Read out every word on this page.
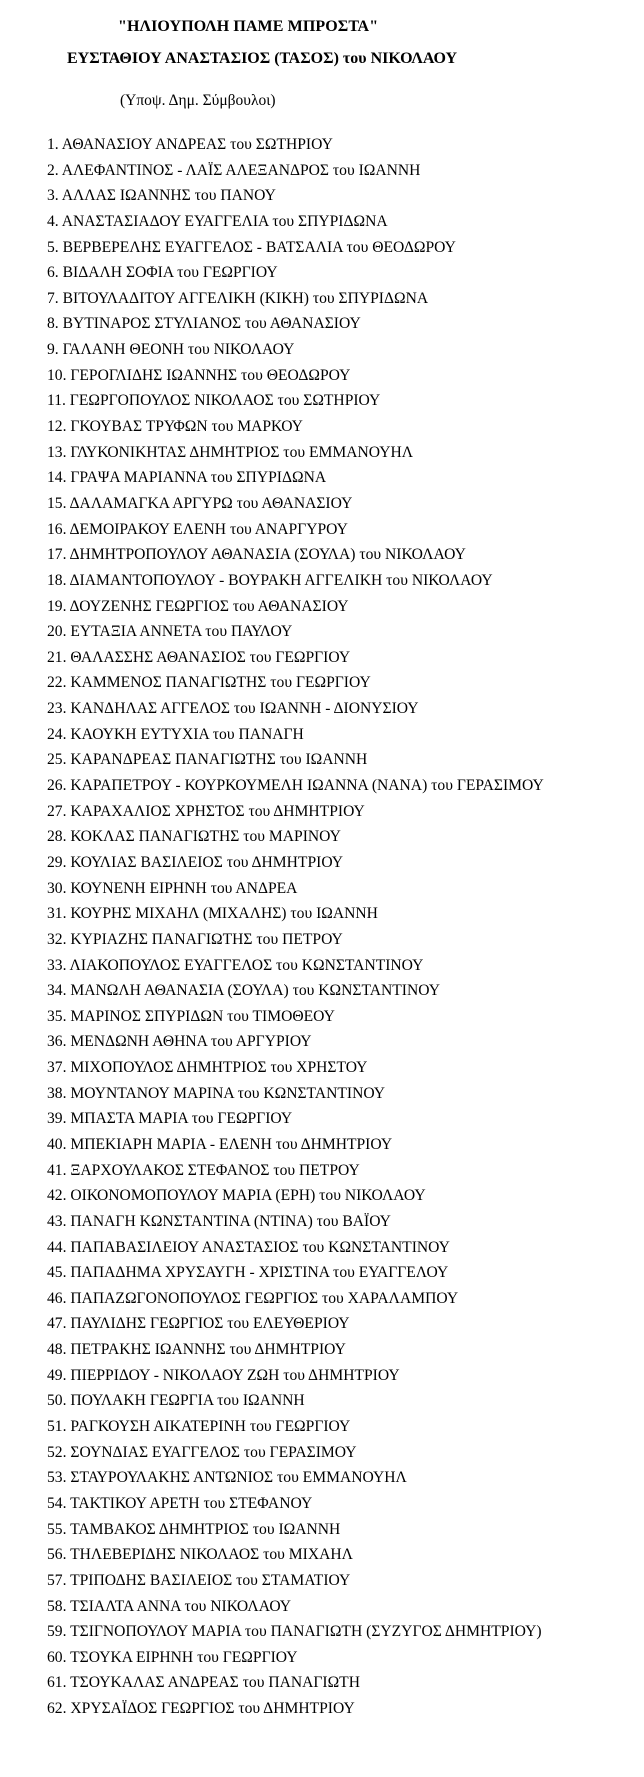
"ΗΛΙΟΥΠΟΛΗ ΠΑΜΕ ΜΠΡΟΣΤΑ"
ΕΥΣΤΑΘΙΟΥ ΑΝΑΣΤΑΣΙΟΣ (ΤΑΣΟΣ) του ΝΙΚΟΛΑΟΥ
(Υποψ. Δημ. Σύμβουλοι)
1. ΑΘΑΝΑΣΙΟΥ ΑΝΔΡΕΑΣ του ΣΩΤΗΡΙΟΥ
2. ΑΛΕΦΑΝΤΙΝΟΣ - ΛΑΪΣ ΑΛΕΞΑΝΔΡΟΣ του ΙΩΑΝΝΗ
3. ΑΛΛΑΣ ΙΩΑΝΝΗΣ του ΠΑΝΟΥ
4. ΑΝΑΣΤΑΣΙΑΔΟΥ ΕΥΑΓΓΕΛΙΑ του ΣΠΥΡΙΔΩΝΑ
5. ΒΕΡΒΕΡΕΛΗΣ ΕΥΑΓΓΕΛΟΣ - ΒΑΤΣΑΛΙΑ του ΘΕΟΔΩΡΟΥ
6. ΒΙΔΑΛΗ ΣΟΦΙΑ του ΓΕΩΡΓΙΟΥ
7. ΒΙΤΟΥΛΑΔΙΤΟΥ ΑΓΓΕΛΙΚΗ (ΚΙΚΗ) του ΣΠΥΡΙΔΩΝΑ
8. ΒΥΤΙΝΑΡΟΣ ΣΤΥΛΙΑΝΟΣ του ΑΘΑΝΑΣΙΟΥ
9. ΓΑΛΑΝΗ ΘΕΟΝΗ του ΝΙΚΟΛΑΟΥ
10. ΓΕΡΟΓΛΙΔΗΣ ΙΩΑΝΝΗΣ του ΘΕΟΔΩΡΟΥ
11. ΓΕΩΡΓΟΠΟΥΛΟΣ ΝΙΚΟΛΑΟΣ του ΣΩΤΗΡΙΟΥ
12. ΓΚΟΥΒΑΣ ΤΡΥΦΩΝ του ΜΑΡΚΟΥ
13. ΓΛΥΚΟΝΙΚΗΤΑΣ ΔΗΜΗΤΡΙΟΣ του ΕΜΜΑΝΟΥΗΛ
14. ΓΡΑΨΑ ΜΑΡΙΑΝΝΑ του ΣΠΥΡΙΔΩΝΑ
15. ΔΑΛΑΜΑΓΚΑ ΑΡΓΥΡΩ του ΑΘΑΝΑΣΙΟΥ
16. ΔΕΜΟΙΡΑΚΟΥ ΕΛΕΝΗ του ΑΝΑΡΓΥΡΟΥ
17. ΔΗΜΗΤΡΟΠΟΥΛΟΥ ΑΘΑΝΑΣΙΑ (ΣΟΥΛΑ) του ΝΙΚΟΛΑΟΥ
18. ΔΙΑΜΑΝΤΟΠΟΥΛΟΥ - ΒΟΥΡΑΚΗ ΑΓΓΕΛΙΚΗ του ΝΙΚΟΛΑΟΥ
19. ΔΟΥΖΕΝΗΣ ΓΕΩΡΓΙΟΣ του ΑΘΑΝΑΣΙΟΥ
20. ΕΥΤΑΞΙΑ ΑΝΝΕΤΑ του ΠΑΥΛΟΥ
21. ΘΑΛΑΣΣΗΣ ΑΘΑΝΑΣΙΟΣ του ΓΕΩΡΓΙΟΥ
22. ΚΑΜΜΕΝΟΣ ΠΑΝΑΓΙΩΤΗΣ του ΓΕΩΡΓΙΟΥ
23. ΚΑΝΔΗΛΑΣ ΑΓΓΕΛΟΣ του ΙΩΑΝΝΗ - ΔΙΟΝΥΣΙΟΥ
24. ΚΑΟΥΚΗ ΕΥΤΥΧΙΑ του ΠΑΝΑΓΗ
25. ΚΑΡΑΝΔΡΕΑΣ ΠΑΝΑΓΙΩΤΗΣ του ΙΩΑΝΝΗ
26. ΚΑΡΑΠΕΤΡΟΥ - ΚΟΥΡΚΟΥΜΕΛΗ ΙΩΑΝΝΑ (ΝΑΝΑ) του ΓΕΡΑΣΙΜΟΥ
27. ΚΑΡΑΧΑΛΙΟΣ ΧΡΗΣΤΟΣ του ΔΗΜΗΤΡΙΟΥ
28. ΚΟΚΛΑΣ ΠΑΝΑΓΙΩΤΗΣ του ΜΑΡΙΝΟΥ
29. ΚΟΥΛΙΑΣ ΒΑΣΙΛΕΙΟΣ του ΔΗΜΗΤΡΙΟΥ
30. ΚΟΥΝΕΝΗ ΕΙΡΗΝΗ του ΑΝΔΡΕΑ
31. ΚΟΥΡΗΣ ΜΙΧΑΗΛ (ΜΙΧΑΛΗΣ) του ΙΩΑΝΝΗ
32. ΚΥΡΙΑΖΗΣ ΠΑΝΑΓΙΩΤΗΣ του ΠΕΤΡΟΥ
33. ΛΙΑΚΟΠΟΥΛΟΣ ΕΥΑΓΓΕΛΟΣ του ΚΩΝΣΤΑΝΤΙΝΟΥ
34. ΜΑΝΩΛΗ ΑΘΑΝΑΣΙΑ (ΣΟΥΛΑ) του ΚΩΝΣΤΑΝΤΙΝΟΥ
35. ΜΑΡΙΝΟΣ ΣΠΥΡΙΔΩΝ του ΤΙΜΟΘΕΟΥ
36. ΜΕΝΔΩΝΗ ΑΘΗΝΑ του ΑΡΓΥΡΙΟΥ
37. ΜΙΧΟΠΟΥΛΟΣ ΔΗΜΗΤΡΙΟΣ του ΧΡΗΣΤΟΥ
38. ΜΟΥΝΤΑΝΟΥ ΜΑΡΙΝΑ του ΚΩΝΣΤΑΝΤΙΝΟΥ
39. ΜΠΑΣΤΑ ΜΑΡΙΑ του ΓΕΩΡΓΙΟΥ
40. ΜΠΕΚΙΑΡΗ ΜΑΡΙΑ - ΕΛΕΝΗ του ΔΗΜΗΤΡΙΟΥ
41. ΞΑΡΧΟΥΛΑΚΟΣ ΣΤΕΦΑΝΟΣ του ΠΕΤΡΟΥ
42. ΟΙΚΟΝΟΜΟΠΟΥΛΟΥ ΜΑΡΙΑ (ΕΡΗ) του ΝΙΚΟΛΑΟΥ
43. ΠΑΝΑΓΗ ΚΩΝΣΤΑΝΤΙΝΑ (ΝΤΙΝΑ) του ΒΑΪΟΥ
44. ΠΑΠΑΒΑΣΙΛΕΙΟΥ ΑΝΑΣΤΑΣΙΟΣ του ΚΩΝΣΤΑΝΤΙΝΟΥ
45. ΠΑΠΑΔΗΜΑ ΧΡΥΣΑΥΓΗ - ΧΡΙΣΤΙΝΑ του ΕΥΑΓΓΕΛΟΥ
46. ΠΑΠΑΖΩΓΟΝΟΠΟΥΛΟΣ ΓΕΩΡΓΙΟΣ του ΧΑΡΑΛΑΜΠΟΥ
47. ΠΑΥΛΙΔΗΣ ΓΕΩΡΓΙΟΣ του ΕΛΕΥΘΕΡΙΟΥ
48. ΠΕΤΡΑΚΗΣ ΙΩΑΝΝΗΣ του ΔΗΜΗΤΡΙΟΥ
49. ΠΙΕΡΡΙΔΟΥ - ΝΙΚΟΛΑΟΥ ΖΩΗ του ΔΗΜΗΤΡΙΟΥ
50. ΠΟΥΛΑΚΗ ΓΕΩΡΓΙΑ του ΙΩΑΝΝΗ
51. ΡΑΓΚΟΥΣΗ ΑΙΚΑΤΕΡΙΝΗ του ΓΕΩΡΓΙΟΥ
52. ΣΟΥΝΔΙΑΣ ΕΥΑΓΓΕΛΟΣ του ΓΕΡΑΣΙΜΟΥ
53. ΣΤΑΥΡΟΥΛΑΚΗΣ ΑΝΤΩΝΙΟΣ του ΕΜΜΑΝΟΥΗΛ
54. ΤΑΚΤΙΚΟΥ ΑΡΕΤΗ του ΣΤΕΦΑΝΟΥ
55. ΤΑΜΒΑΚΟΣ ΔΗΜΗΤΡΙΟΣ του ΙΩΑΝΝΗ
56. ΤΗΛΕΒΕΡΙΔΗΣ ΝΙΚΟΛΑΟΣ του ΜΙΧΑΗΛ
57. ΤΡΙΠΟΔΗΣ ΒΑΣΙΛΕΙΟΣ του ΣΤΑΜΑΤΙΟΥ
58. ΤΣΙΑΛΤΑ ΑΝΝΑ του ΝΙΚΟΛΑΟΥ
59. ΤΣΙΓΝΟΠΟΥΛΟΥ ΜΑΡΙΑ του ΠΑΝΑΓΙΩΤΗ (ΣΥΖΥΓΟΣ ΔΗΜΗΤΡΙΟΥ)
60. ΤΣΟΥΚΑ ΕΙΡΗΝΗ του ΓΕΩΡΓΙΟΥ
61. ΤΣΟΥΚΑΛΑΣ ΑΝΔΡΕΑΣ του ΠΑΝΑΓΙΩΤΗ
62. ΧΡΥΣΑΪΔΟΣ ΓΕΩΡΓΙΟΣ του ΔΗΜΗΤΡΙΟΥ
